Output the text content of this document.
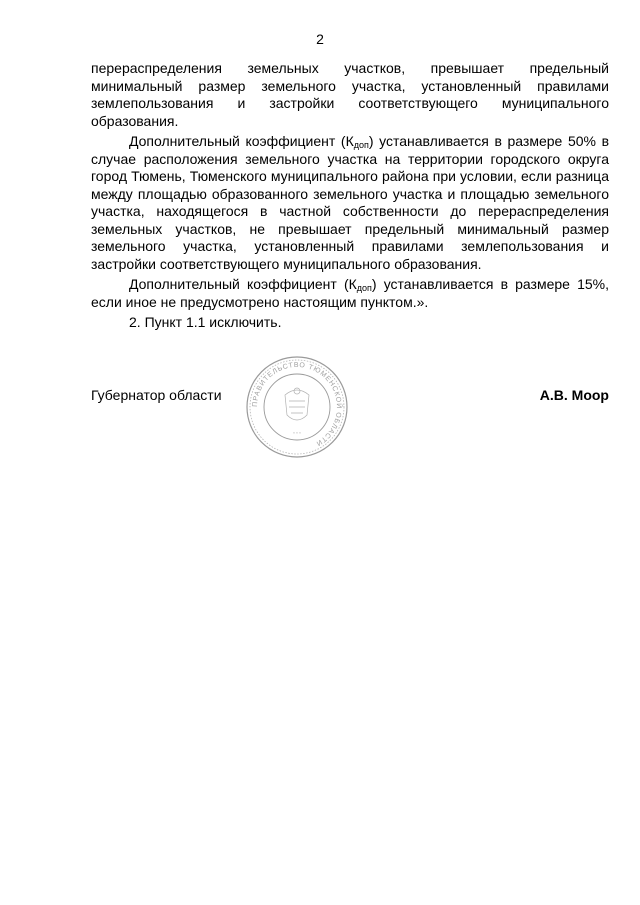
2

перераспределения земельных участков, превышает предельный минимальный размер земельного участка, установленный правилами землепользования и застройки соответствующего муниципального образования.

Дополнительный коэффициент $(К_{доп})$ устанавливается в размере 50% в случае расположения земельного участка на территории городского округа город Тюмень, Тюменского муниципального района при условии, если разница между площадью образованного земельного участка и площадью земельного участка, находящегося в частной собственности до перераспределения земельных участков, не превышает предельный минимальный размер земельного участка, установленный правилами землепользования и застройки соответствующего муниципального образования.

Дополнительный коэффициент $(К_{доп})$ устанавливается в размере 15%, если иное не предусмотрено настоящим пунктом.».

2. Пункт 1.1 исключить.

ПРАВИТЕЛЬСТВО ТЮМЕНСКОЙ ОБЛАСТИ
* * *
Губернатор области	А.В. Моор
